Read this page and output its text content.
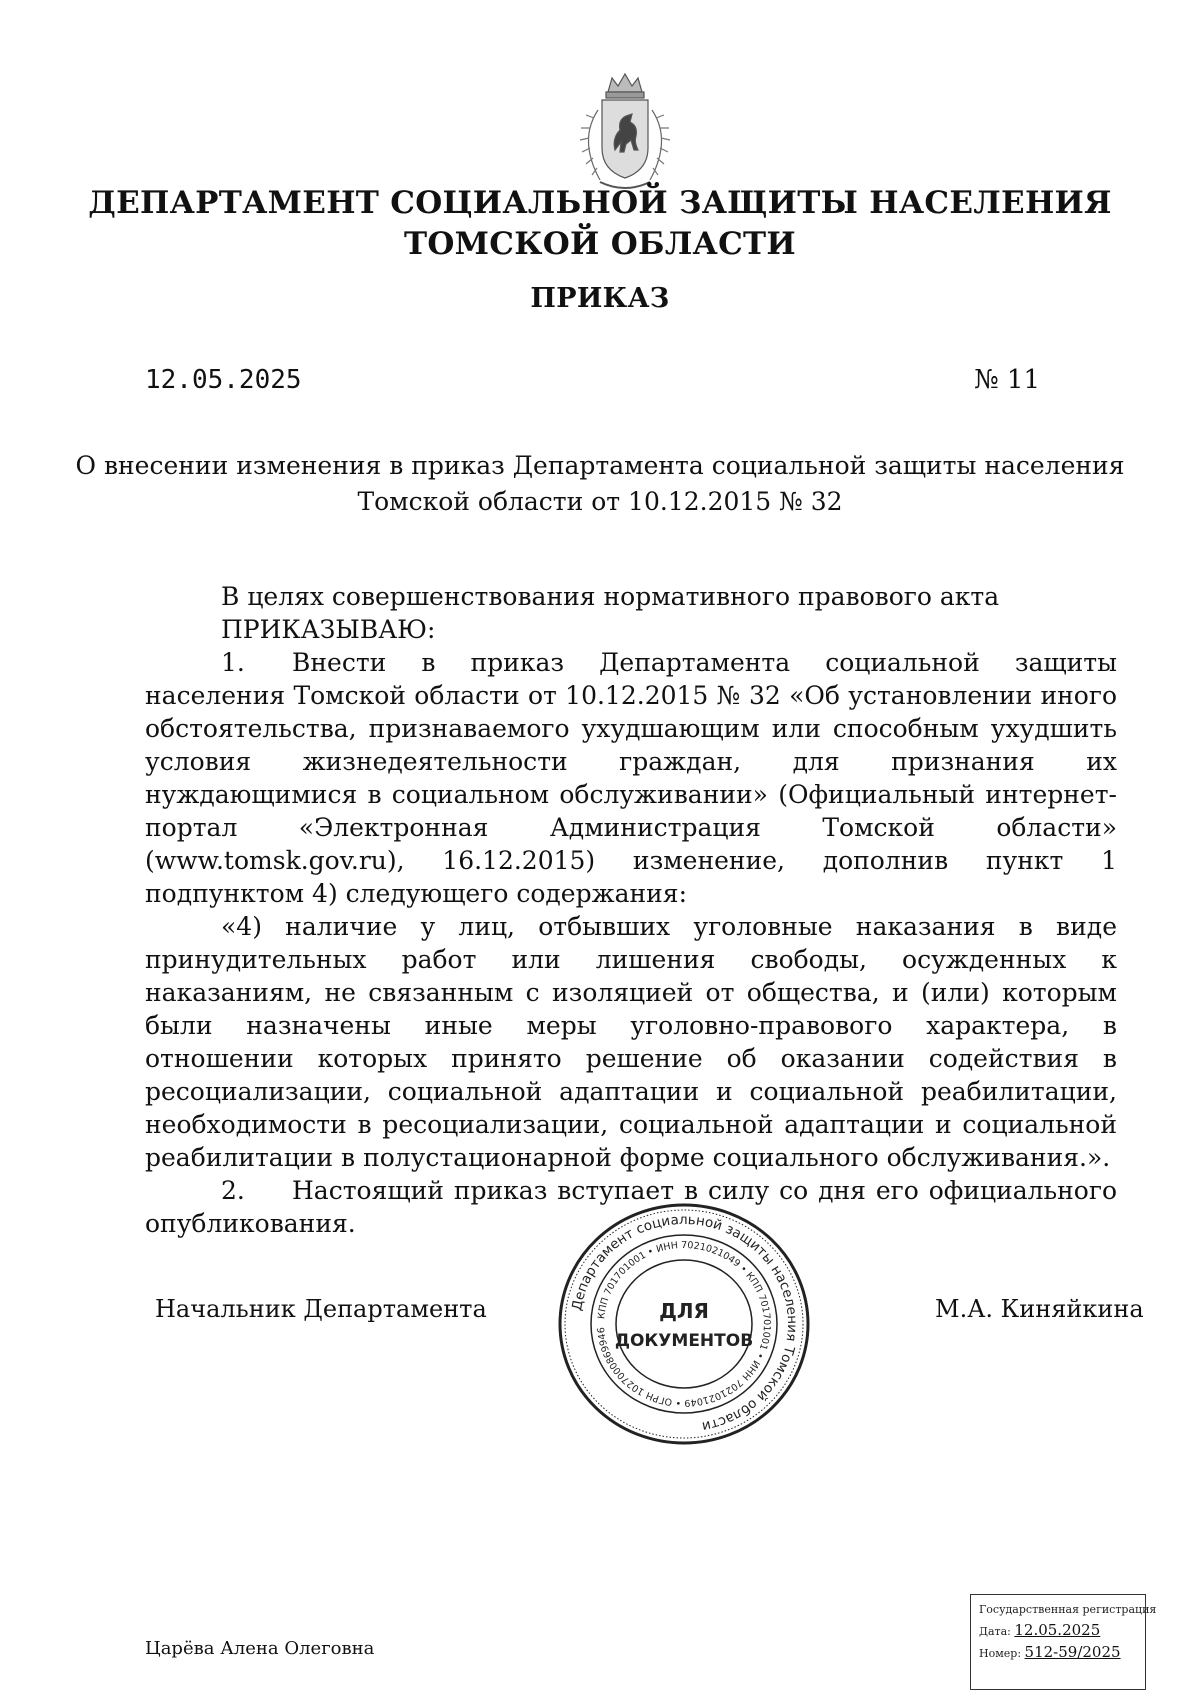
ДЕПАРТАМЕНТ СОЦИАЛЬНОЙ ЗАЩИТЫ НАСЕЛЕНИЯ
ТОМСКОЙ ОБЛАСТИ
ПРИКАЗ
12.05.2025	№ 11
О внесении изменения в приказ Департамента социальной защиты населения
Томской области от 10.12.2015 № 32

В целях совершенствования нормативного правового акта

ПРИКАЗЫВАЮ:

1. Внести в приказ Департамента социальной защиты населения Томской области от 10.12.2015 № 32 «Об установлении иного обстоятельства, признаваемого ухудшающим или способным ухудшить условия жизнедеятельности граждан, для признания их нуждающимися в социальном обслуживании» (Официальный интернет-портал «Электронная Администрация Томской области» (www.tomsk.gov.ru), 16.12.2015) изменение, дополнив пункт 1 подпунктом 4) следующего содержания:

«4) наличие у лиц, отбывших уголовные наказания в виде принудительных работ или лишения свободы, осужденных к наказаниям, не связанным с изоляцией от общества, и (или) которым были назначены иные меры уголовно-правового характера, в отношении которых принято решение об оказании содействия в ресоциализации, социальной адаптации и социальной реабилитации, необходимости в ресоциализации, социальной адаптации и социальной реабилитации в полустационарной форме социального обслуживания.».

2. Настоящий приказ вступает в силу со дня его официального опубликования.

Начальник Департамента	М.А. Киняйкина
Департамент социальной защиты населения Томской области
КПП 701701001 • ИНН 7021021049 • КПП 701701001 • ИНН 7021021049 • ОГРН 1027000869946
ДЛЯ
ДОКУМЕНТОВ
Царёва Алена Олеговна
Государственная регистрация
Дата: 12.05.2025
Номер: 512-59/2025
